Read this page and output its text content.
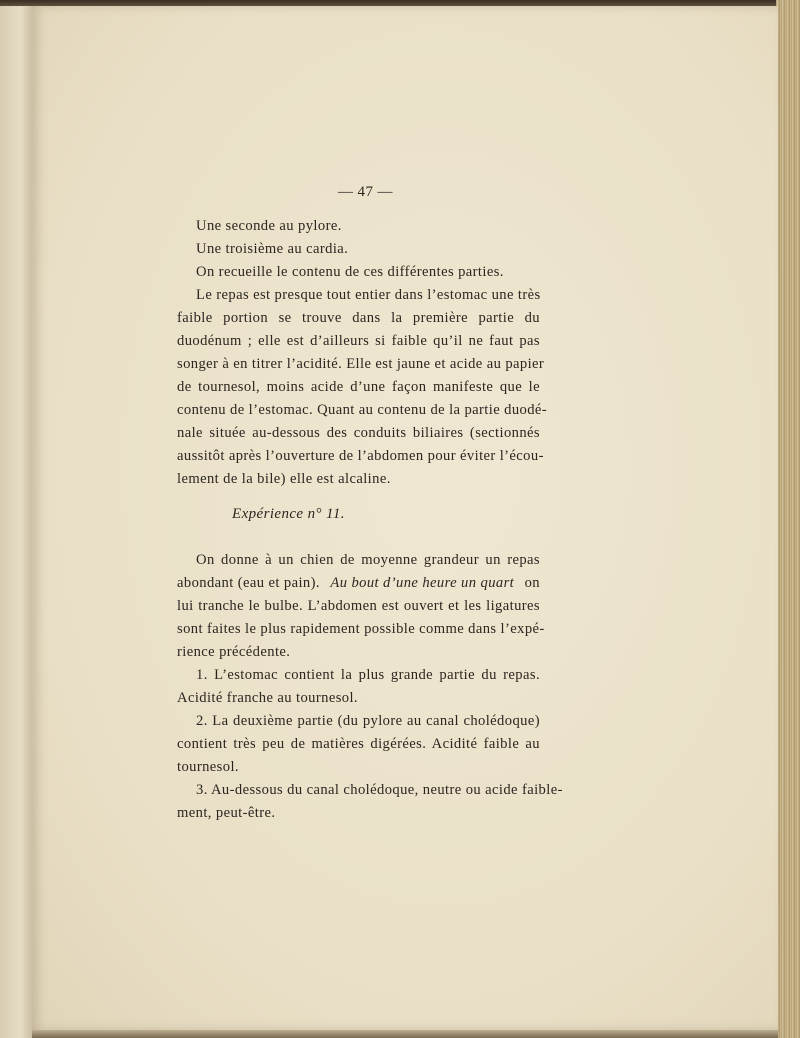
— 47 —
Une seconde au pylore.
Une troisième au cardia.
On recueille le contenu de ces différentes parties.
Le repas est presque tout entier dans l’estomac une très
faible portion se trouve dans la première partie du
duodénum ; elle est d’ailleurs si faible qu’il ne faut pas
songer à en titrer l’acidité. Elle est jaune et acide au papier
de tournesol, moins acide d’une façon manifeste que le
contenu de l’estomac. Quant au contenu de la partie duodé-
nale située au-dessous des conduits biliaires (sectionnés
aussitôt après l’ouverture de l’abdomen pour éviter l’écou-
lement de la bile) elle est alcaline.
Expérience n° 11.
On donne à un chien de moyenne grandeur un repas
abondant (eau et pain). Au bout d’une heure un quart on
lui tranche le bulbe. L’abdomen est ouvert et les ligatures
sont faites le plus rapidement possible comme dans l’expé-
rience précédente.
1. L’estomac contient la plus grande partie du repas.
Acidité franche au tournesol.
2. La deuxième partie (du pylore au canal cholédoque)
contient très peu de matières digérées. Acidité faible au
tournesol.
3. Au-dessous du canal cholédoque, neutre ou acide faible-
ment, peut-être.
